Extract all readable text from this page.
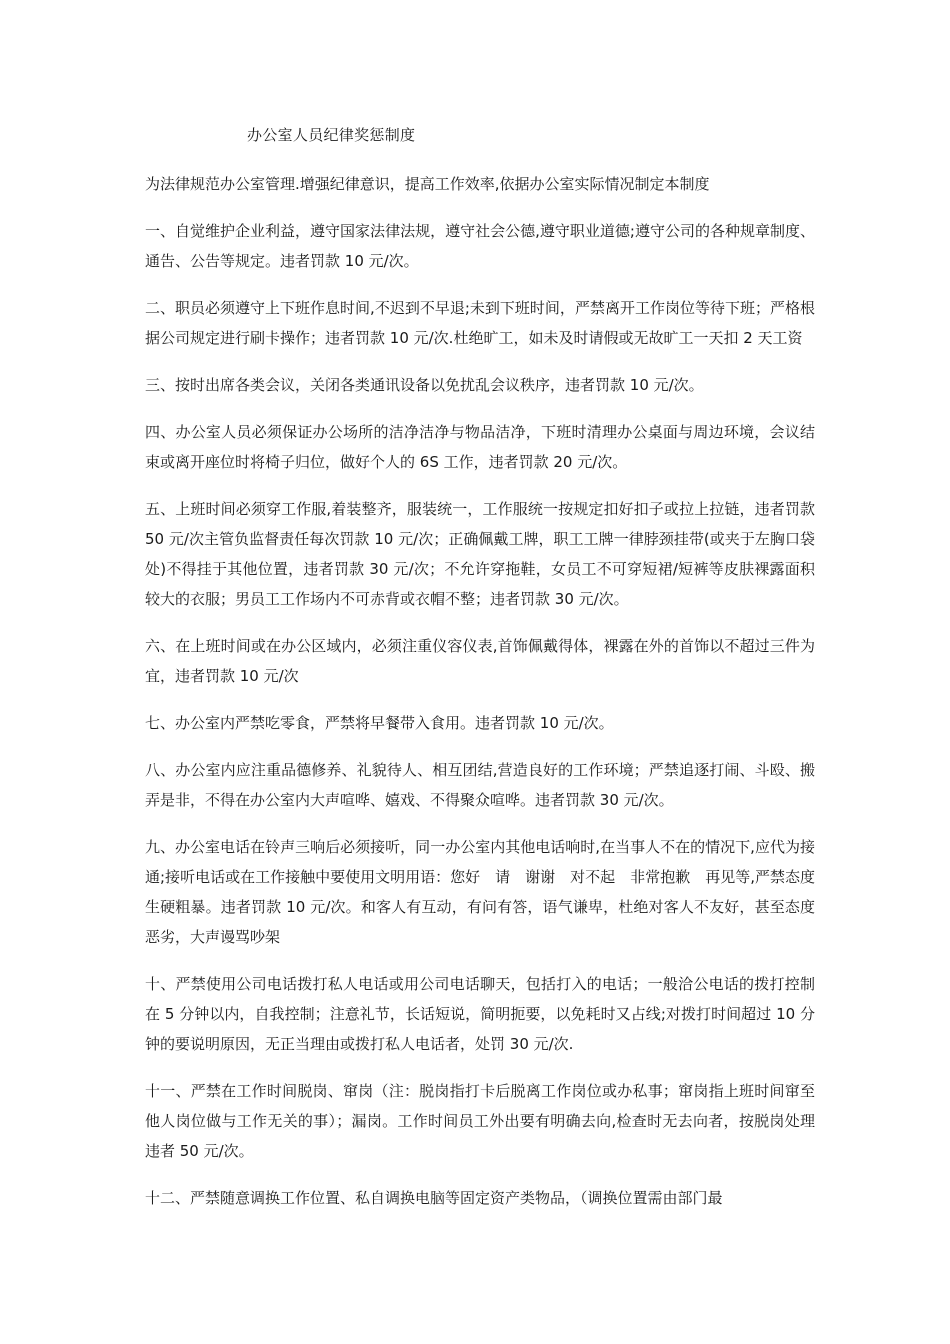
办公室人员纪律奖惩制度

为法律规范办公室管理.增强纪律意识，提高工作效率,依据办公室实际情况制定本制度

一、自觉维护企业利益，遵守国家法律法规，遵守社会公德,遵守职业道德;遵守公司的各种规章制度、通告、公告等规定。违者罚款 10 元/次。

二、职员必须遵守上下班作息时间,不迟到不早退;未到下班时间，严禁离开工作岗位等待下班；严格根据公司规定进行刷卡操作；违者罚款 10 元/次.杜绝旷工，如未及时请假或无故旷工一天扣 2 天工资

三、按时出席各类会议，关闭各类通讯设备以免扰乱会议秩序，违者罚款 10 元/次。

四、办公室人员必须保证办公场所的洁净洁净与物品洁净，下班时清理办公桌面与周边环境，会议结束或离开座位时将椅子归位，做好个人的 6S 工作，违者罚款 20 元/次。

五、上班时间必须穿工作服,着装整齐，服装统一，工作服统一按规定扣好扣子或拉上拉链，违者罚款 50 元/次主管负监督责任每次罚款 10 元/次；正确佩戴工牌，职工工牌一律脖颈挂带(或夹于左胸口袋处)不得挂于其他位置，违者罚款 30 元/次；不允许穿拖鞋，女员工不可穿短裙/短裤等皮肤裸露面积较大的衣服；男员工工作场内不可赤背或衣帽不整；违者罚款 30 元/次。

六、在上班时间或在办公区域内，必须注重仪容仪表,首饰佩戴得体，裸露在外的首饰以不超过三件为宜，违者罚款 10 元/次

七、办公室内严禁吃零食，严禁将早餐带入食用。违者罚款 10 元/次。

八、办公室内应注重品德修养、礼貌待人、相互团结,营造良好的工作环境；严禁追逐打闹、斗殴、搬弄是非，不得在办公室内大声喧哗、嬉戏、不得聚众喧哗。违者罚款 30 元/次。

九、办公室电话在铃声三响后必须接听，同一办公室内其他电话响时,在当事人不在的情况下,应代为接通;接听电话或在工作接触中要使用文明用语：您好　请　谢谢　对不起　非常抱歉　再见等,严禁态度生硬粗暴。违者罚款 10 元/次。和客人有互动，有问有答，语气谦卑，杜绝对客人不友好，甚至态度恶劣，大声谩骂吵架

十、严禁使用公司电话拨打私人电话或用公司电话聊天，包括打入的电话；一般洽公电话的拨打控制在 5 分钟以内，自我控制；注意礼节，长话短说，简明扼要，以免耗时又占线;对拨打时间超过 10 分钟的要说明原因，无正当理由或拨打私人电话者，处罚 30 元/次.

十一、严禁在工作时间脱岗、窜岗（注：脱岗指打卡后脱离工作岗位或办私事；窜岗指上班时间窜至他人岗位做与工作无关的事）；漏岗。工作时间员工外出要有明确去向,检查时无去向者，按脱岗处理　违者 50 元/次。

十二、严禁随意调换工作位置、私自调换电脑等固定资产类物品，（调换位置需由部门最
